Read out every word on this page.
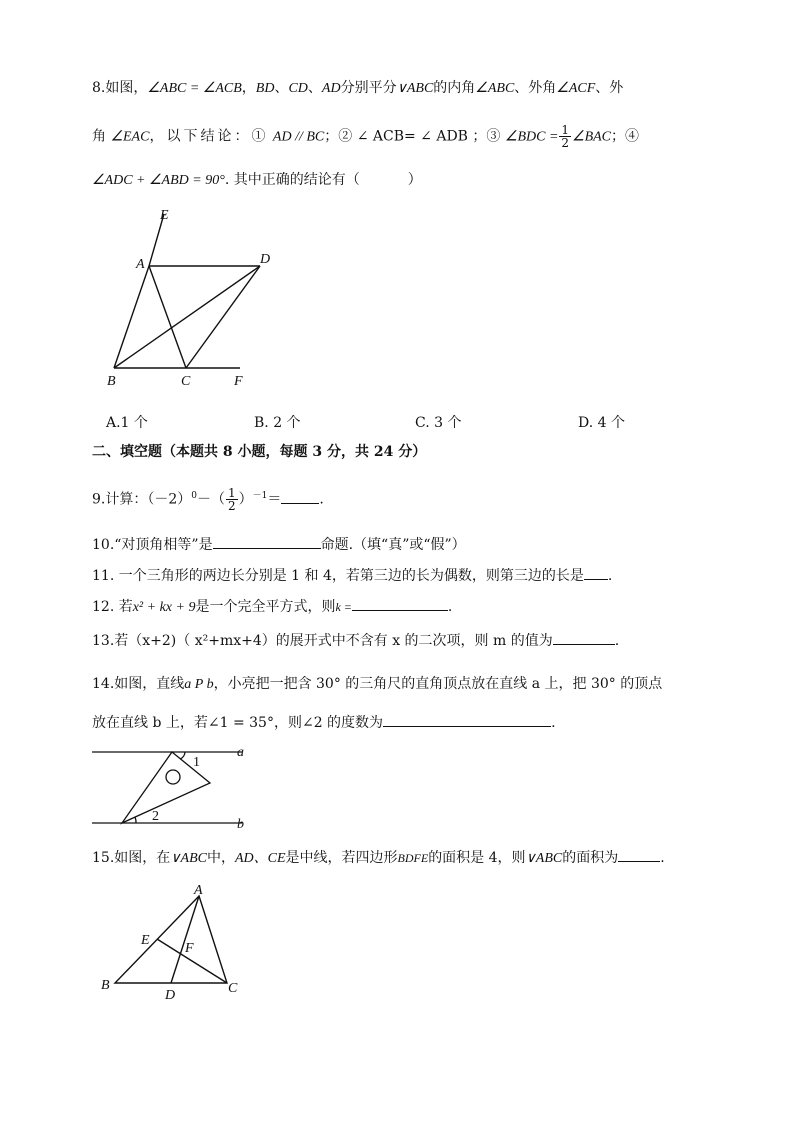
8.如图，∠ABC = ∠ACB，BD、CD、AD分别平分∨ABC的内角∠ABC、外角∠ACF、外
角 ∠EAC，以下结论：① AD // BC；② ∠ ACB= ∠ ADB ；③ ∠BDC = $\frac{1}{2}$ ∠BAC；④
∠ADC + ∠ABD = 90°. 其中正确的结论有（	）
E
A	D
B	C	F
A.1 个	B. 2 个	C. 3 个	D. 4 个
二、填空题（本题共 8 小题，每题 3 分，共 24 分）
9.计算：$(-2)^0-( \frac{1}{2} )^{-1}=$	.
10.“对顶角相等”是	命题.（填“真”或“假”）
11. 一个三角形的两边长分别是 1 和 4，若第三边的长为偶数，则第三边的长是 .
12. 若x² + kx + 9是一个完全平方式，则k =	.
13.若（x+2)（ x²+mx+4）的展开式中不含有 x 的二次项，则 m 的值为	.
14.如图，直线a P b，小亮把一把含 30° 的三角尺的直角顶点放在直线 a 上，把 30° 的顶点
放在直线 b 上，若∠1 = 35°，则∠2 的度数为	.
a
b
1
2
15.如图，在∨ABC中，AD、CE是中线，若四边形BDFE的面积是 4，则∨ABC的面积为	.
A
E
F
B
D	C
